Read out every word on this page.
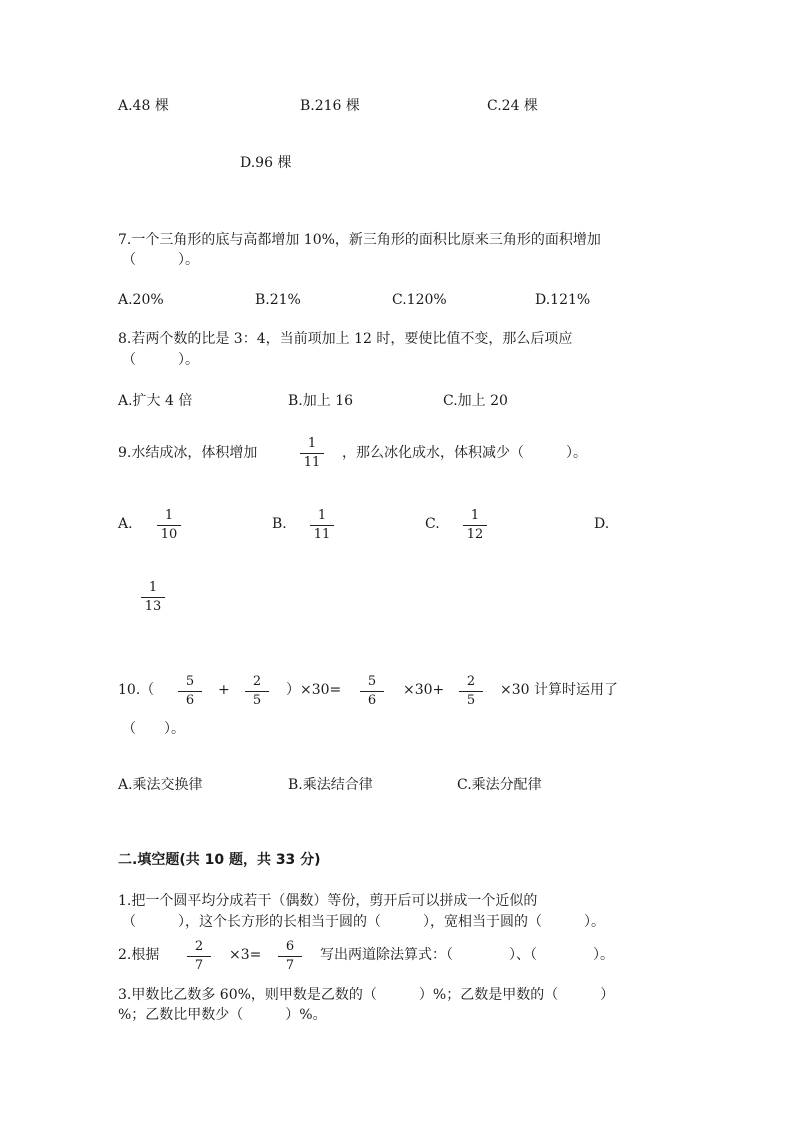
A.48 棵	B.216 棵	C.24 棵
D.96 棵
7.一个三角形的底与高都增加 10%，新三角形的面积比原来三角形的面积增加
（　　　）。
A.20%	B.21%	C.120%	D.121%
8.若两个数的比是 3：4，当前项加上 12 时，要使比值不变，那么后项应
（　　　）。
A.扩大 4 倍	B.加上 16	C.加上 20
9.水结成冰，体积增加
1
11
，那么冰化成水，体积减少（　　　）。
A.
1
10
B.
1
11
C.
1
12
D.
1
13
10.（
5
6
+
2
5
）×30=
5
6
×30+
2
5
×30 计算时运用了
（　　）。
A.乘法交换律	B.乘法结合律	C.乘法分配律
二.填空题(共 10 题，共 33 分)
1.把一个圆平均分成若干（偶数）等份，剪开后可以拼成一个近似的
（　　　），这个长方形的长相当于圆的（　　　），宽相当于圆的（　　　）。
2.根据
2
7
×3=
6
7
写出两道除法算式：（　　　　）、（　　　　）。
3.甲数比乙数多 60%，则甲数是乙数的（　　　）%；乙数是甲数的（　　　）
%；乙数比甲数少（　　　）%。
